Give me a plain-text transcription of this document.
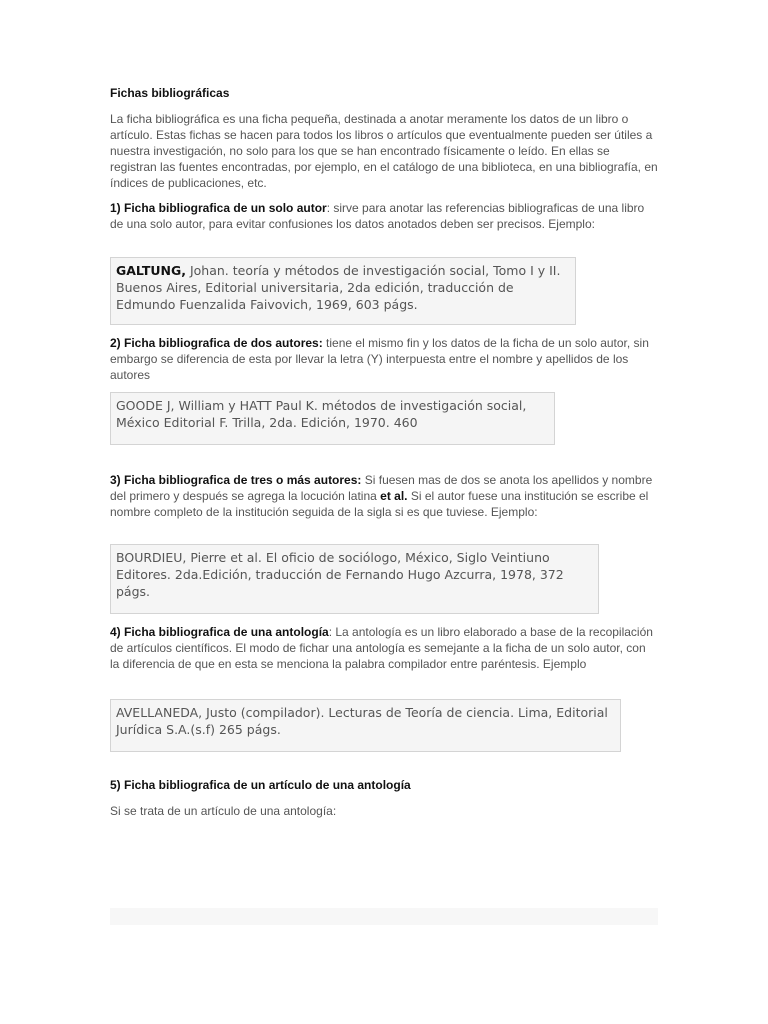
Fichas bibliográficas
La ficha bibliográfica es una ficha pequeña, destinada a anotar meramente los datos de un libro o artículo. Estas fichas se hacen para todos los libros o artículos que eventualmente pueden ser útiles a nuestra investigación, no solo para los que se han encontrado físicamente o leído. En ellas se registran las fuentes encontradas, por ejemplo, en el catálogo de una biblioteca, en una bibliografía, en índices de publicaciones, etc.
1) Ficha bibliografica de un solo autor: sirve para anotar las referencias bibliograficas de una libro de una solo autor, para evitar confusiones los datos anotados deben ser precisos. Ejemplo:
GALTUNG, Johan. teoría y métodos de investigación social, Tomo I y II. Buenos Aires, Editorial universitaria, 2da edición, traducción de Edmundo Fuenzalida Faivovich, 1969, 603 págs.
2) Ficha bibliografica de dos autores: tiene el mismo fin y los datos de la ficha de un solo autor, sin embargo se diferencia de esta por llevar la letra (Y) interpuesta entre el nombre y apellidos de los autores
GOODE J, William y HATT Paul K. métodos de investigación social, México Editorial F. Trilla, 2da. Edición, 1970. 460
3) Ficha bibliografica de tres o más autores: Si fuesen mas de dos se anota los apellidos y nombre del primero y después se agrega la locución latina et al. Si el autor fuese una institución se escribe el nombre completo de la institución seguida de la sigla si es que tuviese. Ejemplo:
BOURDIEU, Pierre et al. El oficio de sociólogo, México, Siglo Veintiuno Editores. 2da.Edición, traducción de Fernando Hugo Azcurra, 1978, 372 págs.
4) Ficha bibliografica de una antología: La antología es un libro elaborado a base de la recopilación de artículos científicos. El modo de fichar una antología es semejante a la ficha de un solo autor, con la diferencia de que en esta se menciona la palabra compilador entre paréntesis. Ejemplo
AVELLANEDA, Justo (compilador). Lecturas de Teoría de ciencia. Lima, Editorial Jurídica S.A.(s.f) 265 págs.
5) Ficha bibliografica de un artículo de una antología
Si se trata de un artículo de una antología:
